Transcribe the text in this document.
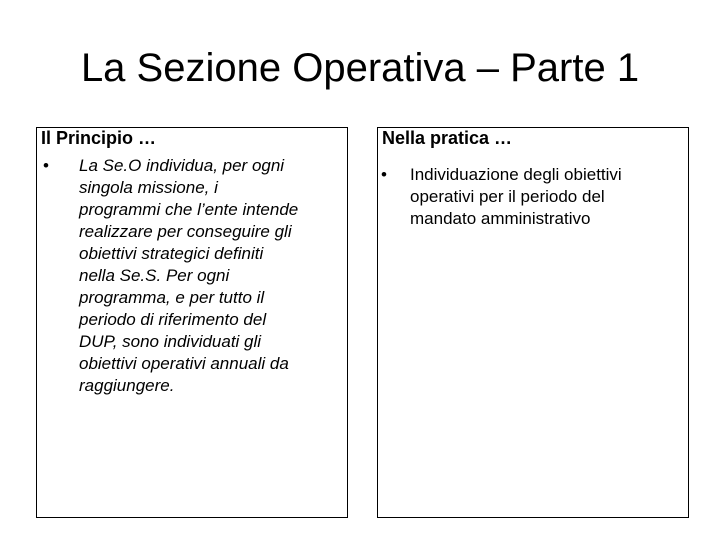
La Sezione Operativa – Parte 1
Il Principio …
• La Se.O individua, per ogni
singola missione, i
programmi che l’ente intende
realizzare per conseguire gli
obiettivi strategici definiti
nella Se.S. Per ogni
programma, e per tutto il
periodo di riferimento del
DUP, sono individuati gli
obiettivi operativi annuali da
raggiungere.
Nella pratica …
• Individuazione degli obiettivi
operativi per il periodo del
mandato amministrativo
